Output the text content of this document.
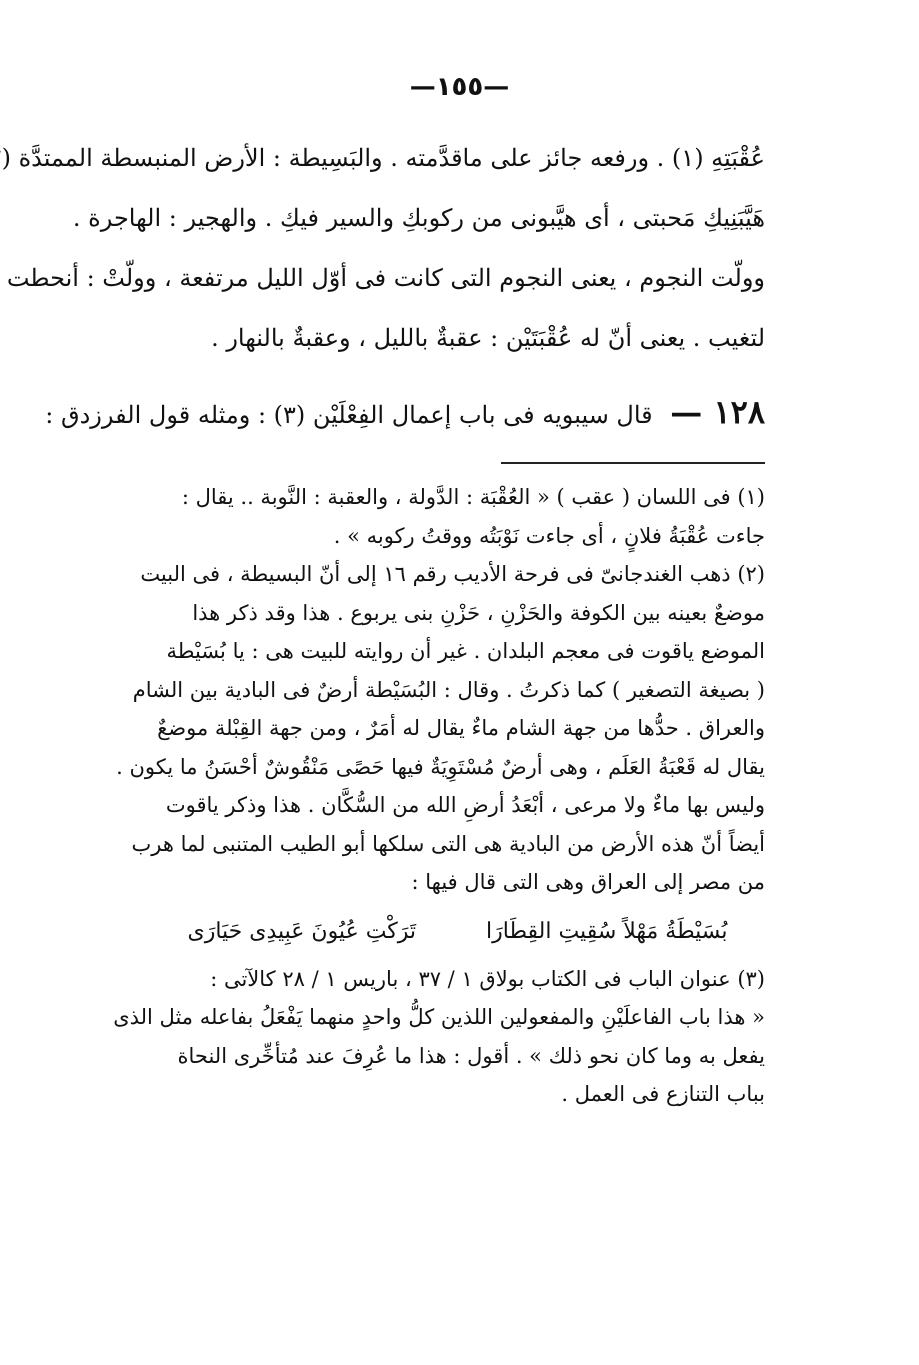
—١٥٥—
عُقْبَتِهِ (١) . ورفعه جائز على ماقدَّمته . والبَسِيطة : الأرض المنبسطة الممتدَّة (
هَيَّبَنِيكِ مَحبتى ، أى هيَّبونى من ركوبكِ والسير فيكِ . والهجير : الهاجرة .
وولّت النجوم ، يعنى النجوم التى كانت فى أوّل الليل مرتفعة ، وولّتْ : أنحطت
لتغيب . يعنى أنّ له عُقْبَتَيْن : عقبةٌ بالليل ، وعقبةٌ بالنهار .
١٢٨ — قال سيبويه فى باب إعمال الفِعْلَيْن (٣) : ومثله قول الفرزدق :
(١) فى اللسان ( عقب ) « العُقْبَة : الدَّولة ، والعقبة : النَّوبة .. يقال :
جاءت عُقْبَةُ فلانٍ ، أى جاءت نَوْبَتُه ووقتُ ركوبه » .
(٢) ذهب الغندجانىّ فى فرحة الأديب رقم ١٦ إلى أنّ البسيطة ، فى البيت
موضعٌ بعينه بين الكوفة والحَزْنِ ، حَزْنِ بنى يربوع . هذا وقد ذكر هذا
الموضع ياقوت فى معجم البلدان . غير أن روايته للبيت هى : يا بُسَيْطة
( بصيغة التصغير ) كما ذكرتُ . وقال : البُسَيْطة أرضٌ فى البادية بين الشام
والعراق . حدُّها من جهة الشام ماءٌ يقال له أمَرٌ ، ومن جهة القِبْلة موضعٌ
يقال له قَعْبَةُ العَلَم ، وهى أرضٌ مُسْتَوِيَةٌ فيها حَصًى مَنْقُوشٌ أحْسَنُ ما يكون .
وليس بها ماءٌ ولا مرعى ، أبْعَدُ أرضِ الله من السُّكَّان . هذا وذكر ياقوت
أيضاً أنّ هذه الأرض من البادية هى التى سلكها أبو الطيب المتنبى لما هرب
من مصر إلى العراق وهى التى قال فيها :
بُسَيْطَةُ مَهْلاً سُقِيتِ القِطَارَا
تَرَكْتِ عُيُونَ عَبِيدِى حَيَارَى
(٣) عنوان الباب فى الكتاب بولاق ١ / ٣٧ ، باريس ١ / ٢٨ كالآتى :
« هذا باب الفاعلَيْنِ والمفعولين اللذين كلُّ واحدٍ منهما يَفْعَلُ بفاعله مثل الذى
يفعل به وما كان نحو ذلك » . أقول : هذا ما عُرِفَ عند مُتأخِّرى النحاة
بباب التنازع فى العمل .
